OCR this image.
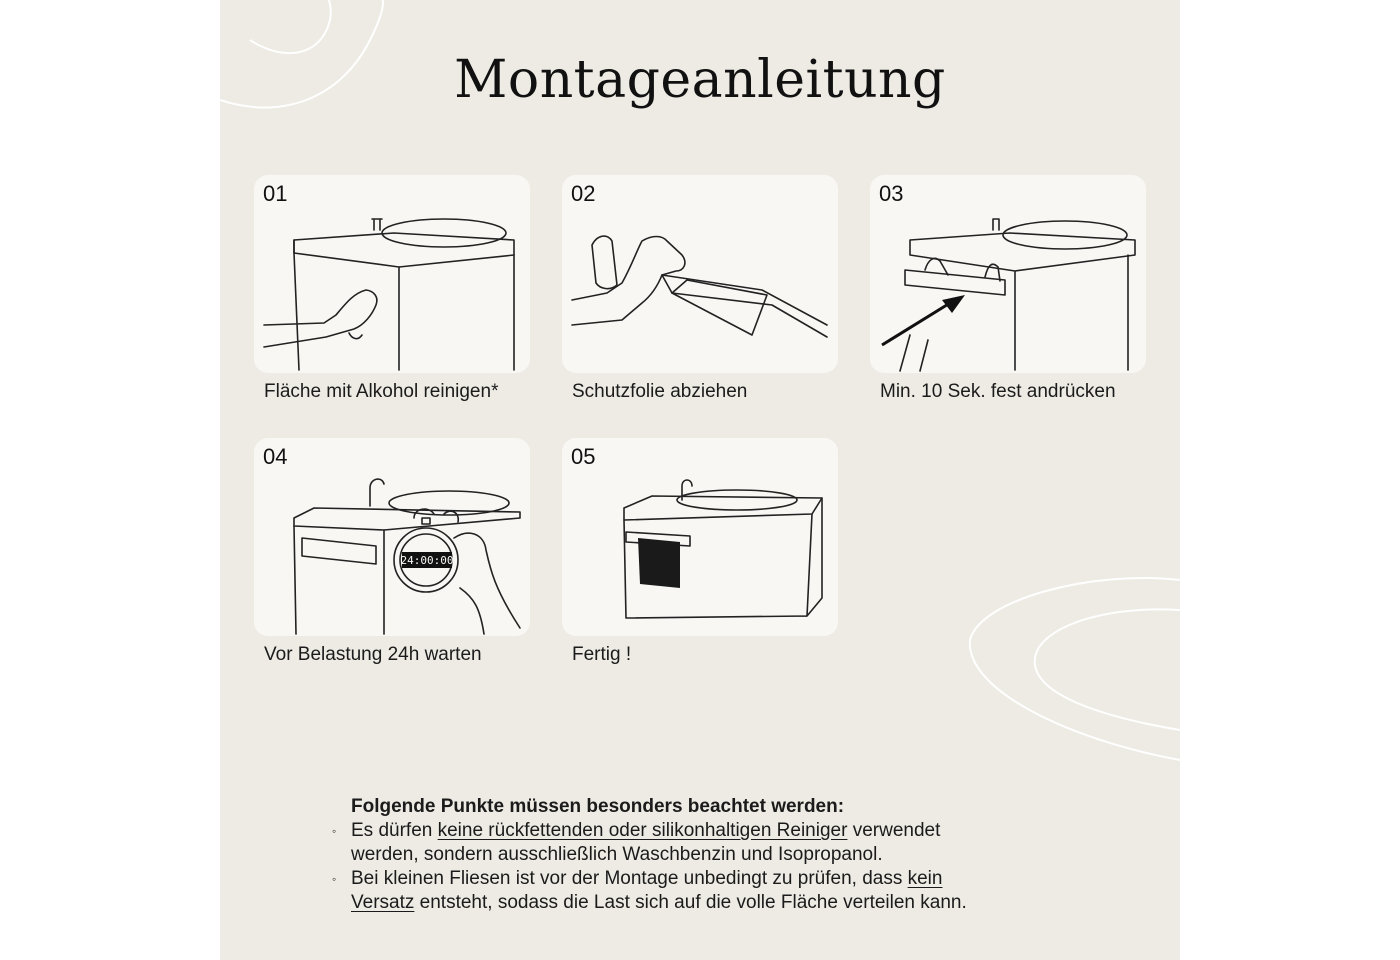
Montageanleitung
01
Fläche mit Alkohol reinigen*
02
Schutzfolie abziehen
03
Min. 10 Sek. fest andrücken
04
24:00:00
Vor Belastung 24h warten
05
Fertig !
Folgende Punkte müssen besonders beachtet werden:
◦ Es dürfen keine rückfettenden oder silikonhaltigen Reiniger verwendet
werden, sondern ausschließlich Waschbenzin und Isopropanol.
◦ Bei kleinen Fliesen ist vor der Montage unbedingt zu prüfen, dass kein
Versatz entsteht, sodass die Last sich auf die volle Fläche verteilen kann.
